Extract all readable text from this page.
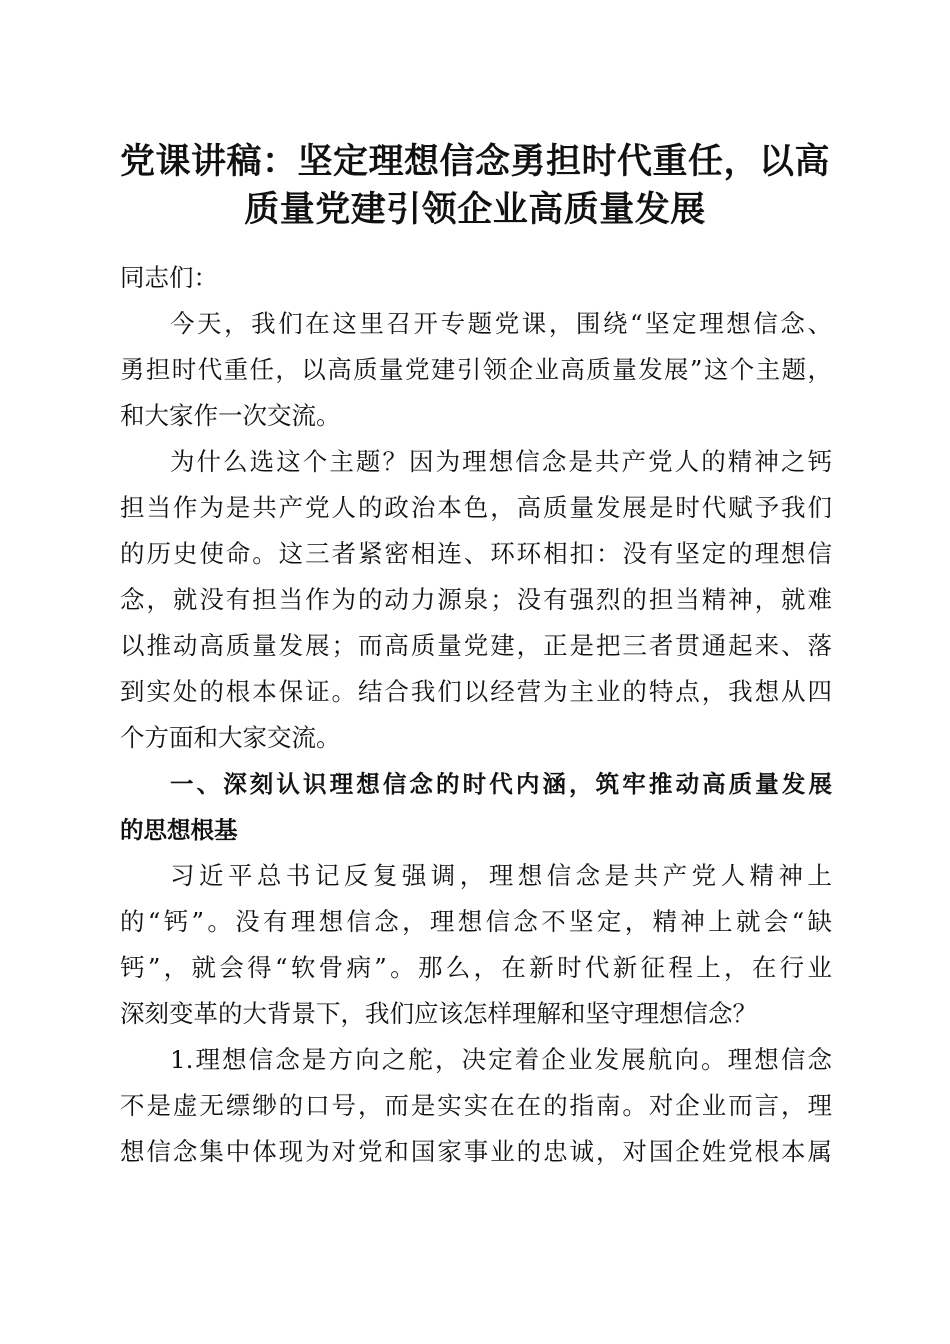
党课讲稿：坚定理想信念勇担时代重任，以高
质量党建引领企业高质量发展
同志们：
今天，我们在这里召开专题党课，围绕“坚定理想信念、
勇担时代重任，以高质量党建引领企业高质量发展”这个主题，
和大家作一次交流。
为什么选这个主题？因为理想信念是共产党人的精神之钙
担当作为是共产党人的政治本色，高质量发展是时代赋予我们
的历史使命。这三者紧密相连、环环相扣：没有坚定的理想信
念，就没有担当作为的动力源泉；没有强烈的担当精神，就难
以推动高质量发展；而高质量党建，正是把三者贯通起来、落
到实处的根本保证。结合我们以经营为主业的特点，我想从四
个方面和大家交流。
一、深刻认识理想信念的时代内涵，筑牢推动高质量发展
的思想根基
习近平总书记反复强调，理想信念是共产党人精神上
的“钙”。没有理想信念，理想信念不坚定，精神上就会“缺
钙”，就会得“软骨病”。那么，在新时代新征程上，在行业
深刻变革的大背景下，我们应该怎样理解和坚守理想信念？
1.理想信念是方向之舵，决定着企业发展航向。理想信念
不是虚无缥缈的口号，而是实实在在的指南。对企业而言，理
想信念集中体现为对党和国家事业的忠诚，对国企姓党根本属
